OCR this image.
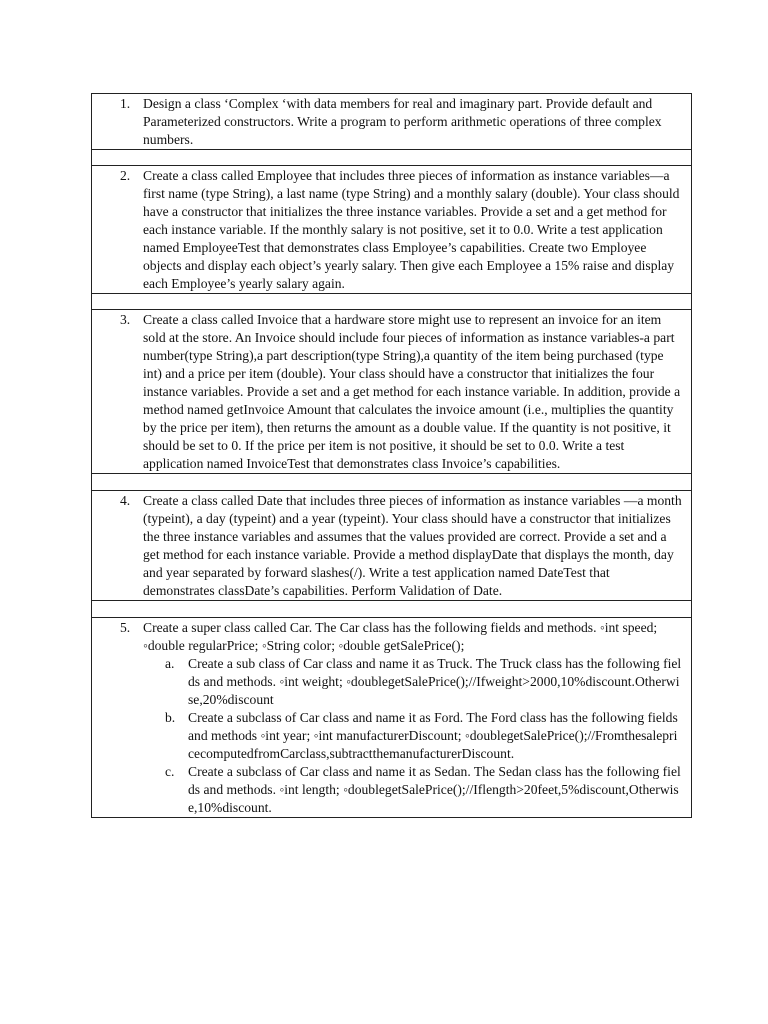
1. Design a class ‘Complex ‘with data members for real and imaginary part. Provide default and Parameterized constructors. Write a program to perform arithmetic operations of three complex numbers.

2. Create a class called Employee that includes three pieces of information as instance variables—a first name (type String), a last name (type String) and a monthly salary (double). Your class should have a constructor that initializes the three instance variables. Provide a set and a get method for each instance variable. If the monthly salary is not positive, set it to 0.0. Write a test application named EmployeeTest that demonstrates class Employee’s capabilities. Create two Employee objects and display each object’s yearly salary. Then give each Employee a 15% raise and display each Employee’s yearly salary again.

3. Create a class called Invoice that a hardware store might use to represent an invoice for an item sold at the store. An Invoice should include four pieces of information as instance variables-a part number(type String),a part description(type String),a quantity of the item being purchased (type int) and a price per item (double). Your class should have a constructor that initializes the four instance variables. Provide a set and a get method for each instance variable. In addition, provide a method named getInvoice Amount that calculates the invoice amount (i.e., multiplies the quantity by the price per item), then returns the amount as a double value. If the quantity is not positive, it should be set to 0. If the price per item is not positive, it should be set to 0.0. Write a test application named InvoiceTest that demonstrates class Invoice’s capabilities.

4. Create a class called Date that includes three pieces of information as instance variables —a month (typeint), a day (typeint) and a year (typeint). Your class should have a constructor that initializes the three instance variables and assumes that the values provided are correct. Provide a set and a get method for each instance variable. Provide a method displayDate that displays the month, day and year separated by forward slashes(/). Write a test application named DateTest that demonstrates classDate’s capabilities. Perform Validation of Date.

5. Create a super class called Car. The Car class has the following fields and methods. ◦int speed; ◦double regularPrice; ◦String color; ◦double getSalePrice();
a. Create a sub class of Car class and name it as Truck. The Truck class has the following fields and methods. ◦int weight; ◦doublegetSalePrice();//Ifweight>2000,10%discount.Otherwise,20%discount
b. Create a subclass of Car class and name it as Ford. The Ford class has the following fields and methods ◦int year; ◦int manufacturerDiscount; ◦doublegetSalePrice();//FromthesalepricecomputedfromCarclass,subtractthemanufacturerDiscount.
c. Create a subclass of Car class and name it as Sedan. The Sedan class has the following fields and methods. ◦int length; ◦doublegetSalePrice();//Iflength>20feet,5%discount,Otherwise,10%discount.
